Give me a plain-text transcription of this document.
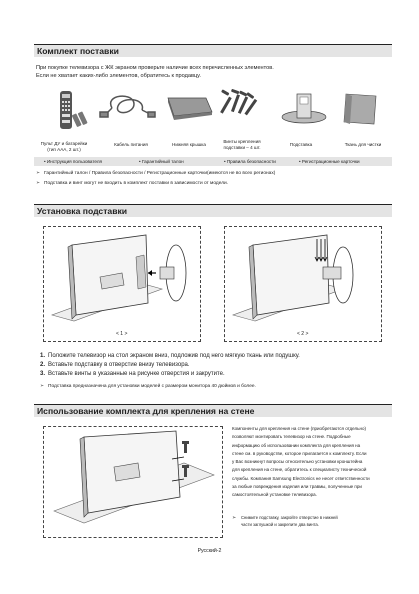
Комплект поставки
При покупке телевизора с ЖК экраном проверьте наличие всех перечисленных элементов.
Если не хватает каких-либо элементов, обратитесь к продавцу.
Пульт ДУ и батарейки
(тип ААА, 2 шт.)
Кабель питания	Нижняя крышка
Винты крепления
подставки – 4 шт.
Подставка	Ткань для чистки
• Инструкция пользователя	• Гарантийный талон	• Правила безопасности	• Регистрационные карточки
➣ Гарантийный талон / Правила безопасности / Регистрационные карточки(имеются не во всех регионах)
➣ Подставка и винт могут не входить в комплект поставки в зависимости от модели.
Установка подставки
< 1 >	< 2 >
1. Положите телевизор на стол экраном вниз, подложив под него мягкую ткань или подушку.
2. Вставьте подставку в отверстие внизу телевизора.
3. Вставьте винты в указанные на рисунке отверстия и закрутите.
➣ Подставка предназначена для установки моделей с размером монитора 40 дюймов и более.
Использование комплекта для крепления на стене
Компоненты для крепления на стене (приобретаются отдельно)
позволяют монтировать телевизор на стене. Подробные
информацию об использовании комплекта для крепления на
стене см. в руководстве, которое прилагается к комплекту. Если
у Вас возникнут вопросы относительно установки кронштейна
для крепления на стене, обратитесь к специалисту технической
службы. Компания Samsung Electronics не несет ответственности
за любые повреждения изделия или травмы, полученные при
самостоятельной установке телевизора.
➣ Снимите подставку, закройте отверстие в нижней
части заглушкой и закрепите два винта.
Русский-2
